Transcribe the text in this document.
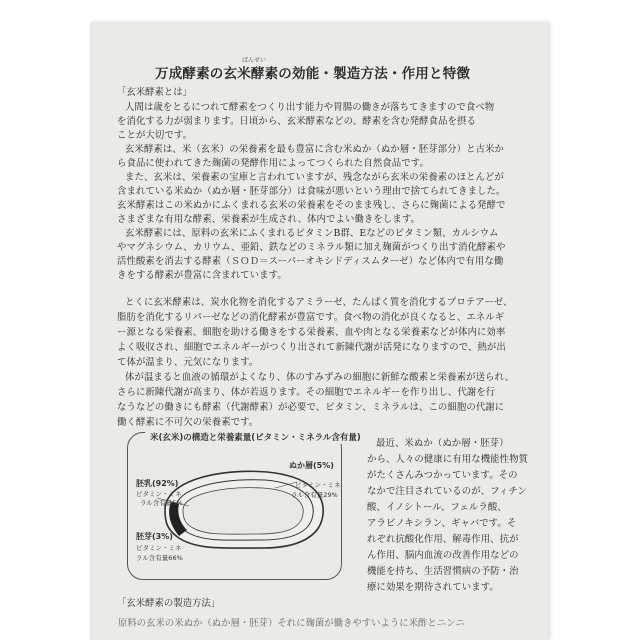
ばんせい
万成酵素の玄米酵素の効能・製造方法・作用と特徴
「玄米酵素とは」
人間は歳をとるにつれて酵素をつくり出す能力や胃腸の働きが落ちてきますので食べ物
を消化する力が弱まります。日頃から、玄米酵素などの、酵素を含む発酵食品を摂る
ことが大切です。
玄米酵素は、米（玄米）の栄養素を最も豊富に含む米ぬか（ぬか層・胚芽部分）と古米か
ら食品に使われてきた麹菌の発酵作用によってつくられた自然食品です。
また、玄米は、栄養素の宝庫と言われていますが、残念ながら玄米の栄養素のほとんどが
含まれている米ぬか（ぬか層・胚芽部分）は食味が悪いという理由で捨てられてきました。
玄米酵素はこの米ぬかにふくまれる玄米の栄養素をそのまま残し、さらに麹菌による発酵で
さまざまな有用な酵素、栄養素が生成され、体内でよい働きをします。
玄米酵素には、原料の玄米にふくまれるビタミンB群、Eなどのビタミン類、カルシウム
やマグネシウム、カリウム、亜鉛、鉄などのミネラル類に加え麹菌がつくり出す消化酵素や
活性酸素を消去する酵素（ＳＯＤ＝スーパーオキシドディスムターゼ）など体内で有用な働
きをする酵素が豊富に含まれています。
とくに玄米酵素は、炭水化物を消化するアミラーゼ、たんぱく質を消化するプロテアーゼ、
脂肪を消化するリパーゼなどの消化酵素が豊富です。食べ物の消化が良くなると、エネルギ
ー源となる栄養素、細胞を助ける働きをする栄養素、血や肉となる栄養素などが体内に効率
よく吸収され、細胞でエネルギーがつくり出されて新陳代謝が活発になりますので、熱が出
て体が温まり、元気になります。
体が温まると血液の循環がよくなり、体のすみずみの細胞に新鮮な酸素と栄養素が送られ、
さらに新陳代謝が高まり、体が若返ります。その細胞でエネルギーを作り出し、代謝を行
なうなどの働きにも酵素（代謝酵素）が必要で、ビタミン、ミネラルは、この細胞の代謝に
働く酵素に不可欠の栄養素です。
最近、米ぬか（ぬか層・胚芽）
から、人々の健康に有用な機能性物質
がたくさんみつかっています。その
なかで注目されているのが、フィチン
酸、イノシトール、フェルラ酸、
アラビノキシラン、ギャバです。そ
れぞれ抗酸化作用、解毒作用、抗が
ん作用、脳内血流の改善作用などの
機能を持ち、生活習慣病の予防・治
療に効果を期待されています。
米(玄米)の構造と栄養素量(ビタミン・ミネラル含有量)
胚乳(92%)
ビタミン・ミネ
ラル含有量5%
ぬか層(5%)
ビタミン・ミネ
ラル含有量29%
胚芽(3%)
ビタミン・ミネ
ラル含有量66%
「玄米酵素の製造方法」
原料の玄米の米ぬか（ぬか層・胚芽）それに麹菌が働きやすいように米酢とニンニ
